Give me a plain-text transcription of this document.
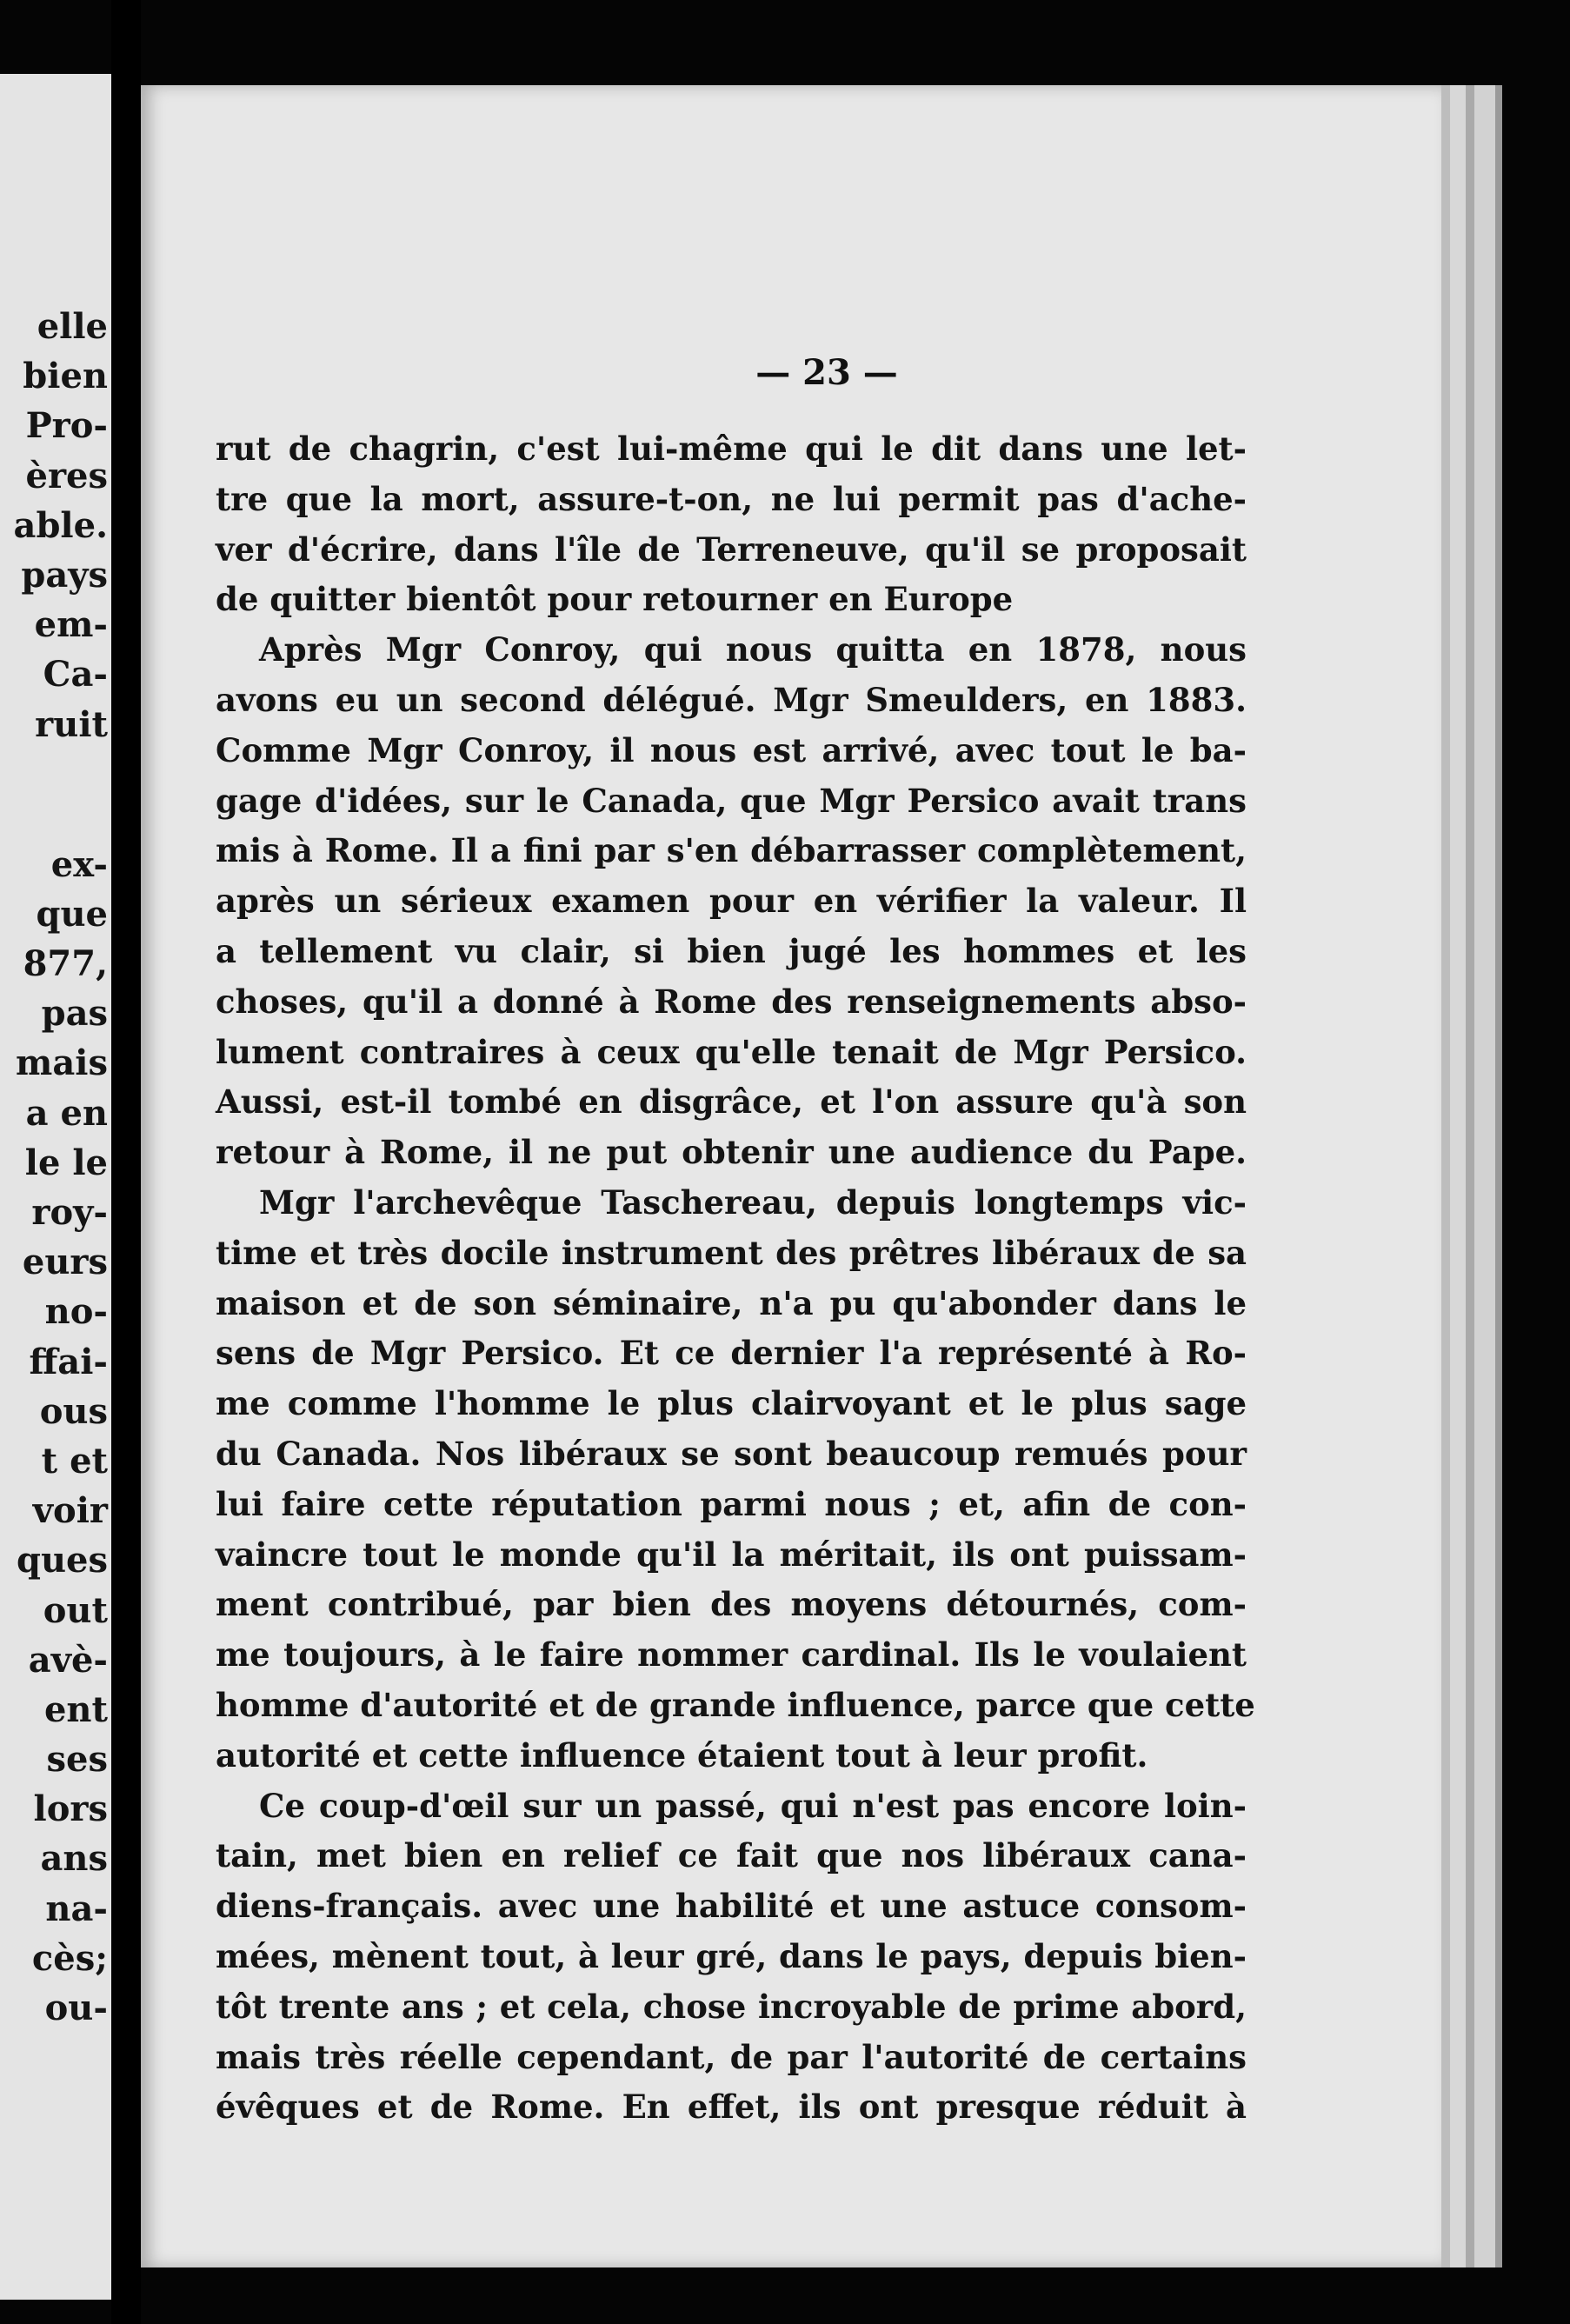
elle
bien
Pro-
ères
able.
pays
em-
Ca-
ruit
ex-
que
877,
pas
mais
a en
le le
roy-
eurs
no-
ffai-
ous
t et
voir
ques
out
avè-
ent
ses
lors
ans
na-
cès;
ou-
— 23 —
rut de chagrin, c'est lui-même qui le dit dans une let-
tre que la mort, assure-t-on, ne lui permit pas d'ache-
ver d'écrire, dans l'île de Terreneuve, qu'il se proposait
de quitter bientôt pour retourner en Europe
Après Mgr Conroy, qui nous quitta en 1878, nous
avons eu un second délégué. Mgr Smeulders, en 1883.
Comme Mgr Conroy, il nous est arrivé, avec tout le ba-
gage d'idées, sur le Canada, que Mgr Persico avait trans
mis à Rome. Il a fini par s'en débarrasser complètement,
après un sérieux examen pour en vérifier la valeur. Il
a tellement vu clair, si bien jugé les hommes et les
choses, qu'il a donné à Rome des renseignements abso-
lument contraires à ceux qu'elle tenait de Mgr Persico.
Aussi, est-il tombé en disgrâce, et l'on assure qu'à son
retour à Rome, il ne put obtenir une audience du Pape.
Mgr l'archevêque Taschereau, depuis longtemps vic-
time et très docile instrument des prêtres libéraux de sa
maison et de son séminaire, n'a pu qu'abonder dans le
sens de Mgr Persico. Et ce dernier l'a représenté à Ro-
me comme l'homme le plus clairvoyant et le plus sage
du Canada. Nos libéraux se sont beaucoup remués pour
lui faire cette réputation parmi nous ; et, afin de con-
vaincre tout le monde qu'il la méritait, ils ont puissam-
ment contribué, par bien des moyens détournés, com-
me toujours, à le faire nommer cardinal. Ils le voulaient
homme d'autorité et de grande influence, parce que cette
autorité et cette influence étaient tout à leur profit.
Ce coup-d'œil sur un passé, qui n'est pas encore loin-
tain, met bien en relief ce fait que nos libéraux cana-
diens-français. avec une habilité et une astuce consom-
mées, mènent tout, à leur gré, dans le pays, depuis bien-
tôt trente ans ; et cela, chose incroyable de prime abord,
mais très réelle cependant, de par l'autorité de certains
évêques et de Rome. En effet, ils ont presque réduit à
